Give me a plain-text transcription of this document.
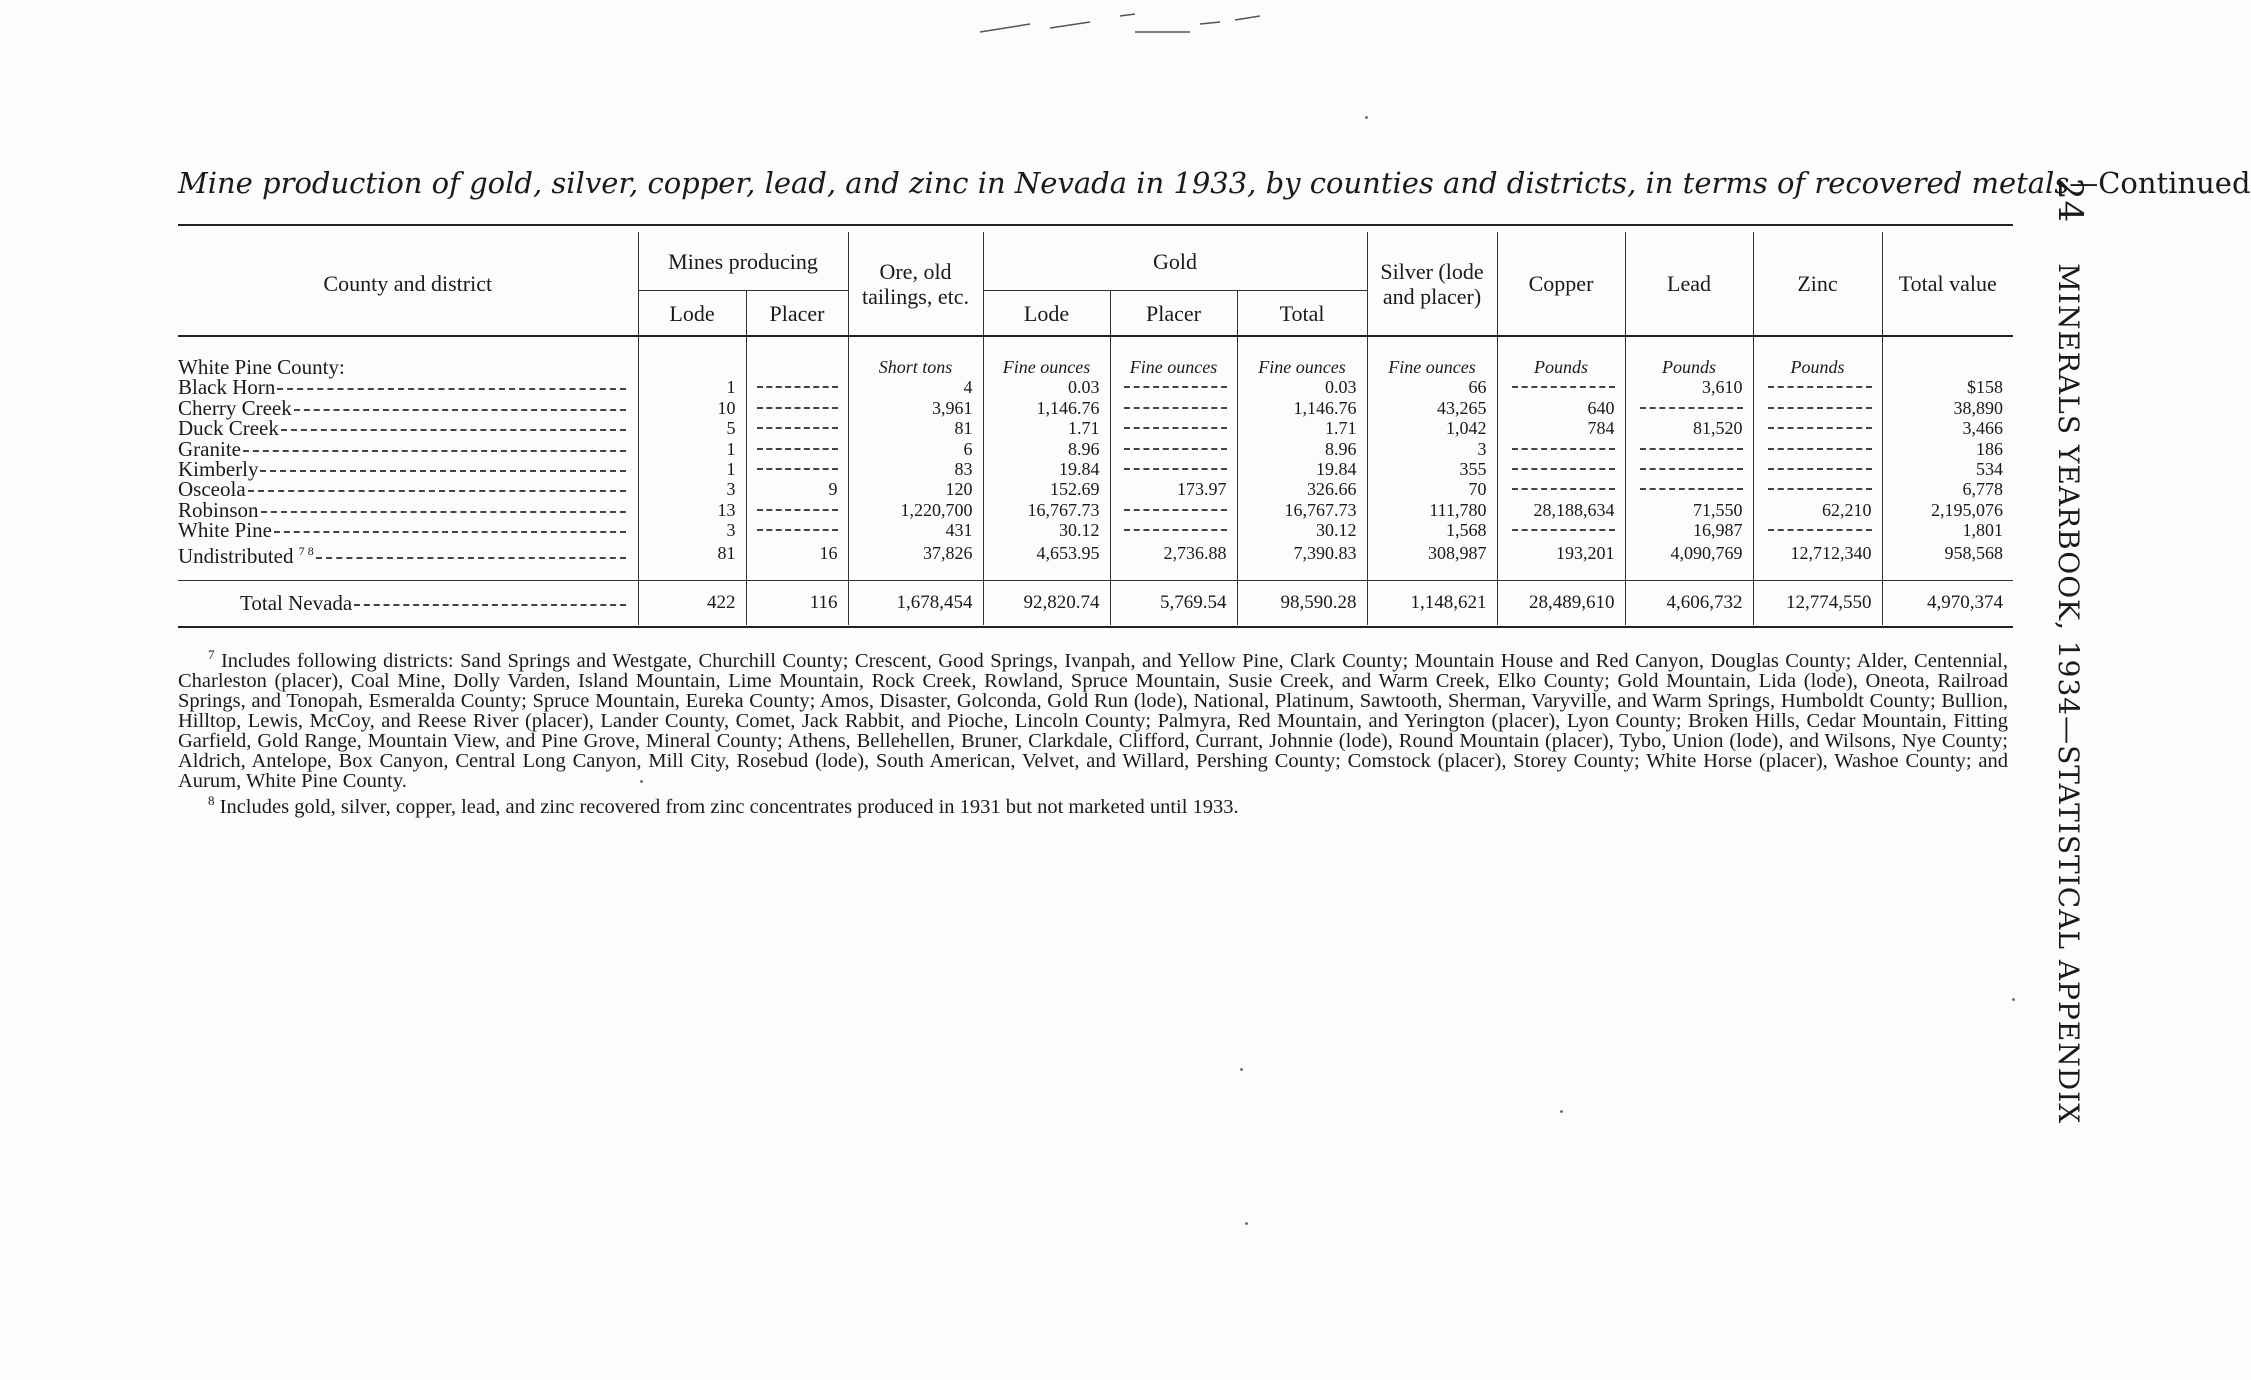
Mine production of gold, silver, copper, lead, and zinc in Nevada in 1933, by counties and districts, in terms of recovered metals—Continued
County and district	Mines producing		Ore, old tailings, etc.	Gold			Silver (lode and placer)	Copper	Lead	Zinc	Total value
	Lode	Placer		Lode	Placer	Total					
White Pine County:			Short tons	Fine ounces	Fine ounces	Fine ounces	Fine ounces	Pounds	Pounds	Pounds	
Black Horn	1		4	0.03		0.03	66		3,610		$158
Cherry Creek	10		3,961	1,146.76		1,146.76	43,265	640			38,890
Duck Creek	5		81	1.71		1.71	1,042	784	81,520		3,466
Granite	1		6	8.96		8.96	3				186
Kimberly	1		83	19.84		19.84	355				534
Osceola	3	9	120	152.69	173.97	326.66	70				6,778
Robinson	13		1,220,700	16,767.73		16,767.73	111,780	28,188,634	71,550	62,210	2,195,076
White Pine	3		431	30.12		30.12	1,568		16,987		1,801
Undistributed $^{7 8}$	81	16	37,826	4,653.95	2,736.88	7,390.83	308,987	193,201	4,090,769	12,712,340	958,568

Total Nevada	422	116	1,678,454	92,820.74	5,769.54	98,590.28	1,148,621	28,489,610	4,606,732	12,774,550	4,970,374

$^7$ Includes following districts: Sand Springs and Westgate, Churchill County; Crescent, Good Springs, Ivanpah, and Yellow Pine, Clark County; Mountain House and Red Canyon, Douglas County; Alder, Centennial, Charleston (placer), Coal Mine, Dolly Varden, Island Mountain, Lime Mountain, Rock Creek, Rowland, Spruce Mountain, Susie Creek, and Warm Creek, Elko County; Gold Mountain, Lida (lode), Oneota, Railroad Springs, and Tonopah, Esmeralda County; Spruce Mountain, Eureka County; Amos, Disaster, Golconda, Gold Run (lode), National, Platinum, Sawtooth, Sherman, Varyville, and Warm Springs, Humboldt County; Bullion, Hilltop, Lewis, McCoy, and Reese River (placer), Lander County, Comet, Jack Rabbit, and Pioche, Lincoln County; Palmyra, Red Mountain, and Yerington (placer), Lyon County; Broken Hills, Cedar Mountain, Fitting Garfield, Gold Range, Mountain View, and Pine Grove, Mineral County; Athens, Bellehellen, Bruner, Clarkdale, Clifford, Currant, Johnnie (lode), Round Mountain (placer), Tybo, Union (lode), and Wilsons, Nye County; Aldrich, Antelope, Box Canyon, Central Long Canyon, Mill City, Rosebud (lode), South American, Velvet, and Willard, Pershing County; Comstock (placer), Storey County; White Horse (placer), Washoe County; and Aurum, White Pine County.

$^8$ Includes gold, silver, copper, lead, and zinc recovered from zinc concentrates produced in 1931 but not marketed until 1933.

24MINERALS YEARBOOK, 1934—STATISTICAL APPENDIX
